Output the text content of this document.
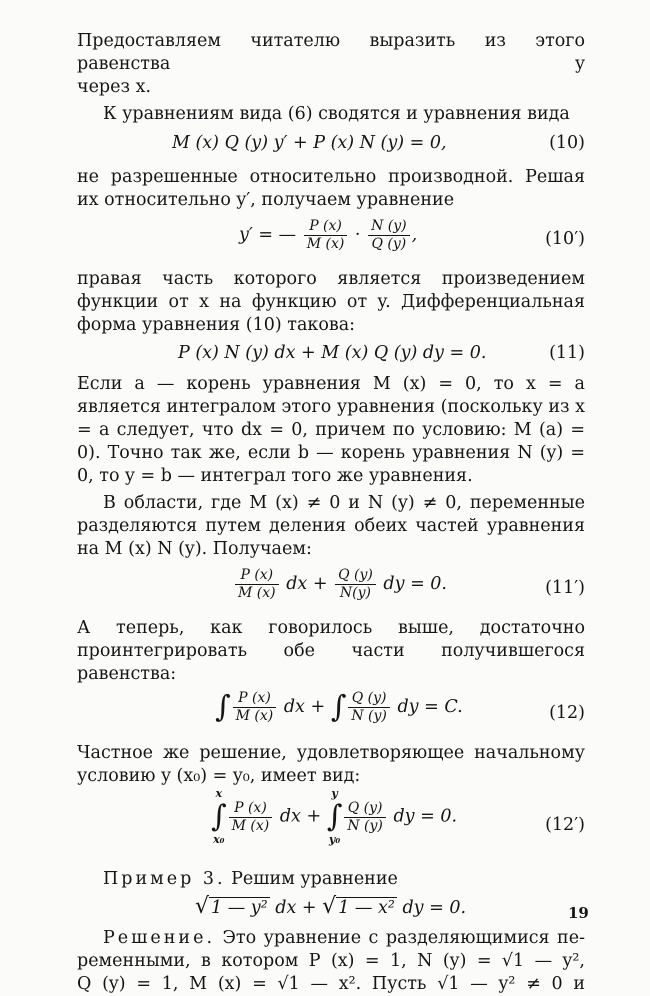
Предоставляем читателю выразить из этого равенства y
через x.
К уравнениям вида (6) сводятся и уравнения вида
M (x) Q (y) y′ + P (x) N (y) = 0,	(10)
не разрешенные относительно производной. Решая их относительно y′, получаем уравнение
y′ = — $\frac{P (x)}{M (x)} \cdot \frac{N (y)}{Q (y)}$ ,	(10′)
правая часть которого является произведением функции от x на функцию от y. Дифференциальная форма уравнения (10) такова:
P (x) N (y) dx + M (x) Q (y) dy = 0.	(11)
Если a — корень уравнения M (x) = 0, то x = a является интегралом этого уравнения (поскольку из x = a следует, что dx = 0, причем по условию: M (a) = 0). Точно так же, если b — корень уравнения N (y) = 0, то y = b — интеграл того же уравнения.
В области, где M (x) ≠ 0 и N (y) ≠ 0, переменные разделяются путем деления обеих частей уравнения на M (x) N (y). Получаем:
$\frac{P (x)}{M (x)}$ dx + $\frac{Q (y)}{N(y)}$ dy = 0.	(11′)
А теперь, как говорилось выше, достаточно проинтегрировать обе части получившегося равенства:
∫ $\frac{P (x)}{M (x)}$ dx + ∫ $\frac{Q (y)}{N (y)}$ dy = C.	(12)
Частное же решение, удовлетворяющее начальному условию y (x₀) = y₀, имеет вид:
x
∫
x₀
$\frac{P (x)}{M (x)}$ dx +
y
∫
y₀
$\frac{Q (y)}{N (y)}$ dy = 0.	(12′)
Пример 3. Решим уравнение
√ 1 — y² dx + √ 1 — x² dy = 0.
Решение. Это уравнение с разделяющимися пе-
ременными, в котором P (x) = 1, N (y) = √1 — y²,
Q (y) = 1, M (x) = √1 — x². Пусть √1 — y² ≠ 0 и
19
